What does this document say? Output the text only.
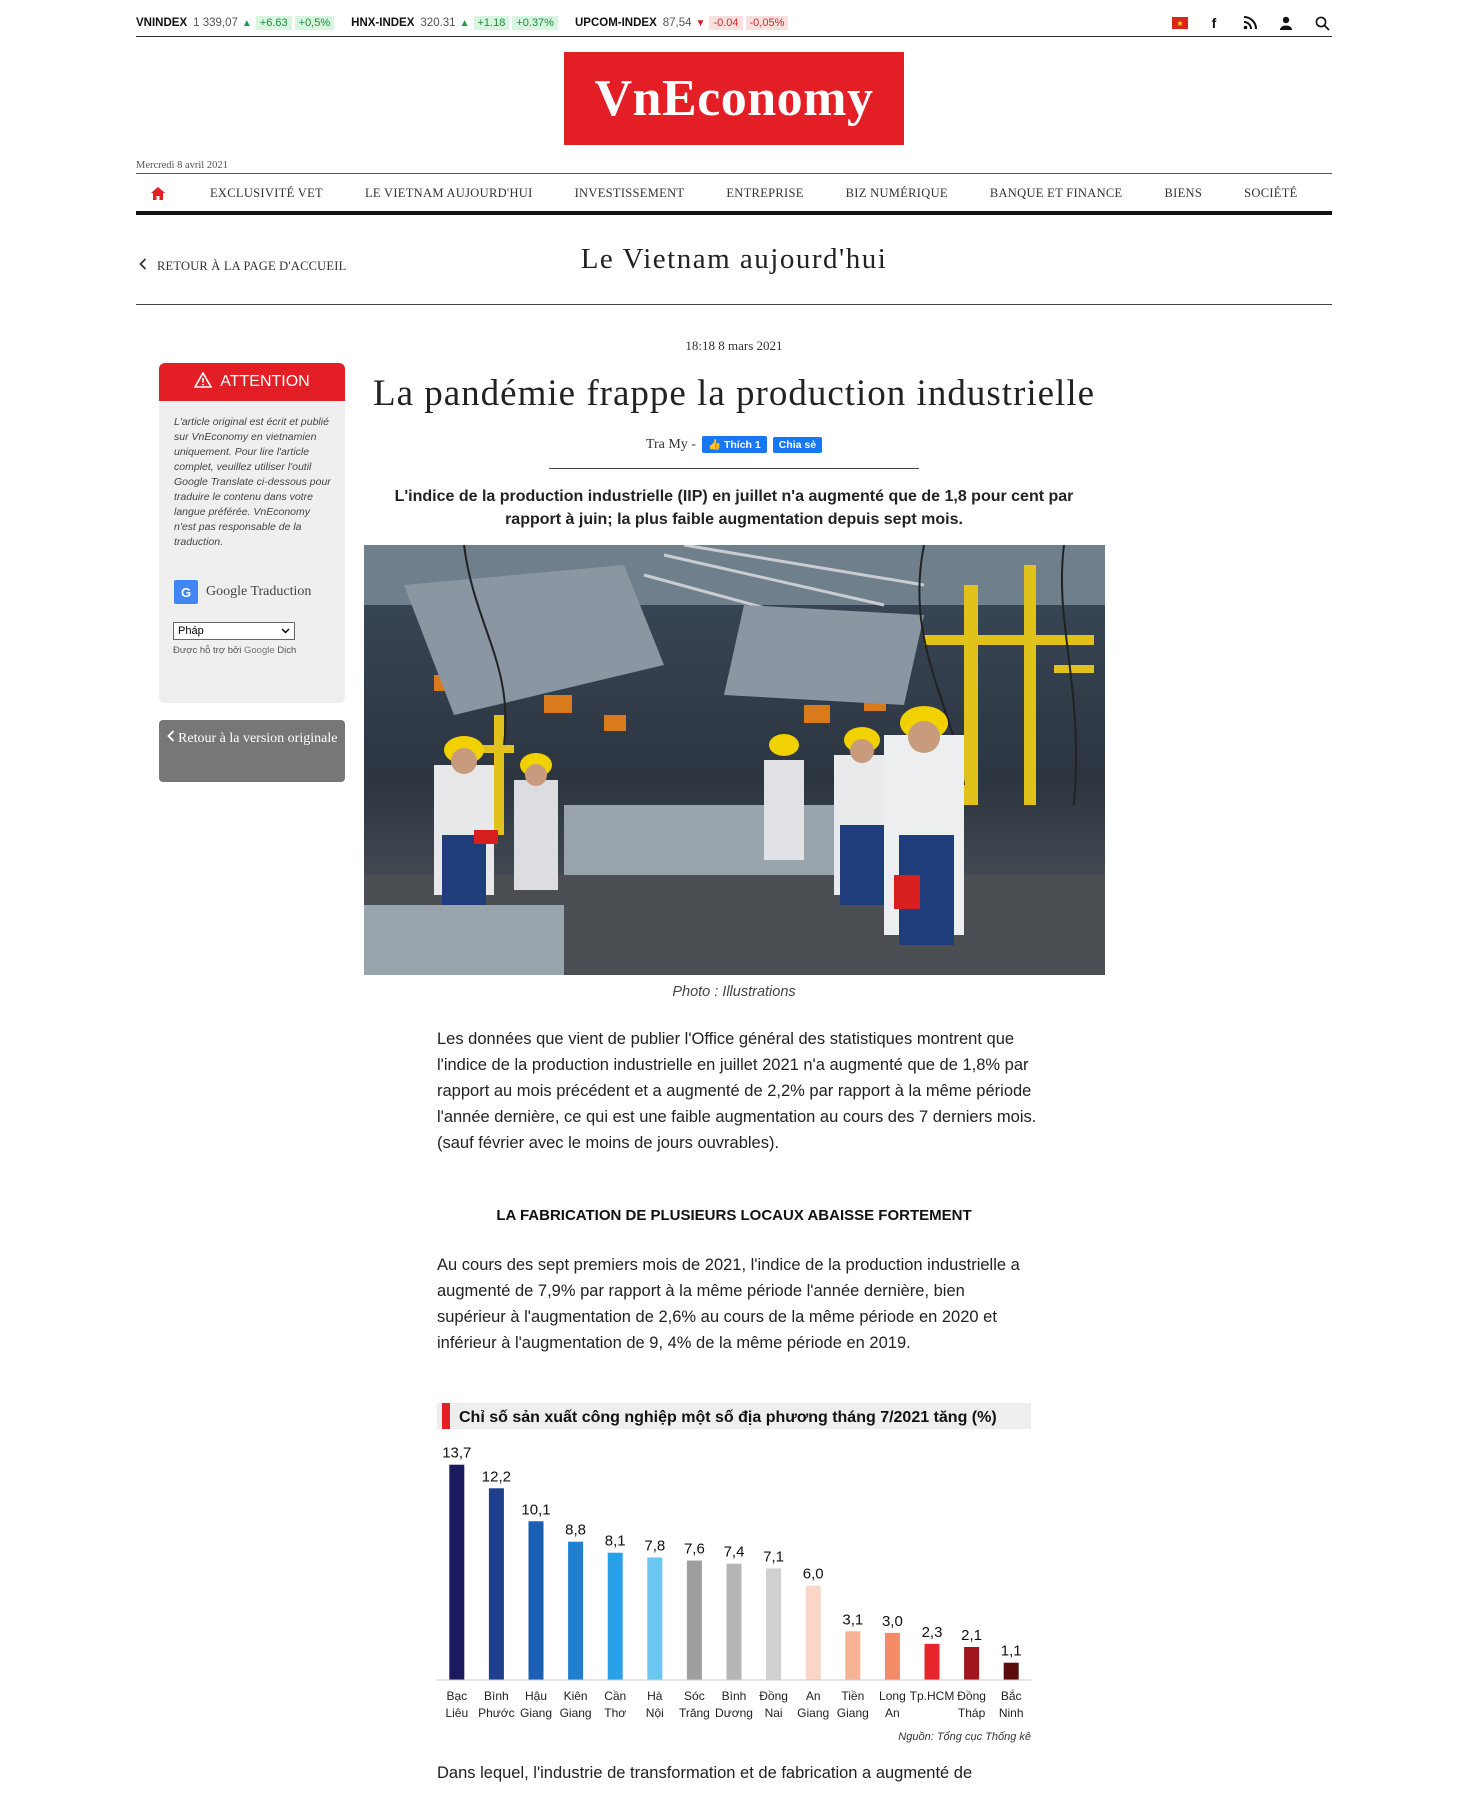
VNINDEX 1 339,07 ▲ +6.63	+0,5%	HNX-INDEX 320.31 ▲ +1.18	+0.37%	UPCOM-INDEX 87,54 ▼ -0.04	-0,05%	★	f
VnEconomy
Mercredi 8 avril 2021
EXCLUSIVITÉ VET	LE VIETNAM AUJOURD'HUI	INVESTISSEMENT	ENTREPRISE	BIZ NUMÉRIQUE	BANQUE ET FINANCE	BIENS	SOCIÉTÉ
RETOUR À LA PAGE D'ACCUEIL	Le Vietnam aujourd'hui
ATTENTION
L'article original est écrit et publié sur VnEconomy en vietnamien uniquement. Pour lire l'article complet, veuillez utiliser l'outil Google Translate ci-dessous pour traduire le contenu dans votre langue préférée. VnEconomy n'est pas responsable de la traduction.
G	Google Traduction
Pháp
Được hỗ trợ bởi Google Dịch
Retour à la version originale
18:18 8 mars 2021
La pandémie frappe la production industrielle
Tra My -	👍 Thích 1	Chia sẻ
L'indice de la production industrielle (IIP) en juillet n'a augmenté que de 1,8 pour cent par rapport à juin; la plus faible augmentation depuis sept mois.
Photo : Illustrations

Les données que vient de publier l'Office général des statistiques montrent que l'indice de la production industrielle en juillet 2021 n'a augmenté que de 1,8% par rapport au mois précédent et a augmenté de 2,2% par rapport à la même période l'année dernière, ce qui est une faible augmentation au cours des 7 derniers mois. (sauf février avec le moins de jours ouvrables).

LA FABRICATION DE PLUSIEURS LOCAUX ABAISSE FORTEMENT

Au cours des sept premiers mois de 2021, l'indice de la production industrielle a augmenté de 7,9% par rapport à la même période l'année dernière, bien supérieur à l'augmentation de 2,6% au cours de la même période en 2020 et inférieur à l'augmentation de 9, 4% de la même période en 2019.

Chỉ số sản xuất công nghiệp một số địa phương tháng 7/2021 tăng (%)
13,7
Bạc
Liêu
12,2
Bình
Phước
10,1
Hậu
Giang
8,8
Kiên
Giang
8,1
Cần
Thơ
7,8
Hà
Nội
7,6
Sóc
Trăng
7,4
Bình
Dương
7,1
Đồng
Nai
6,0
An
Giang
3,1
Tiền
Giang
3,0
Long
An
2,3
Tp.HCM
2,1
Đồng
Tháp
1,1
Bắc
Ninh
Nguồn: Tổng cục Thống kê

Dans lequel, l'industrie de transformation et de fabrication a augmenté de
